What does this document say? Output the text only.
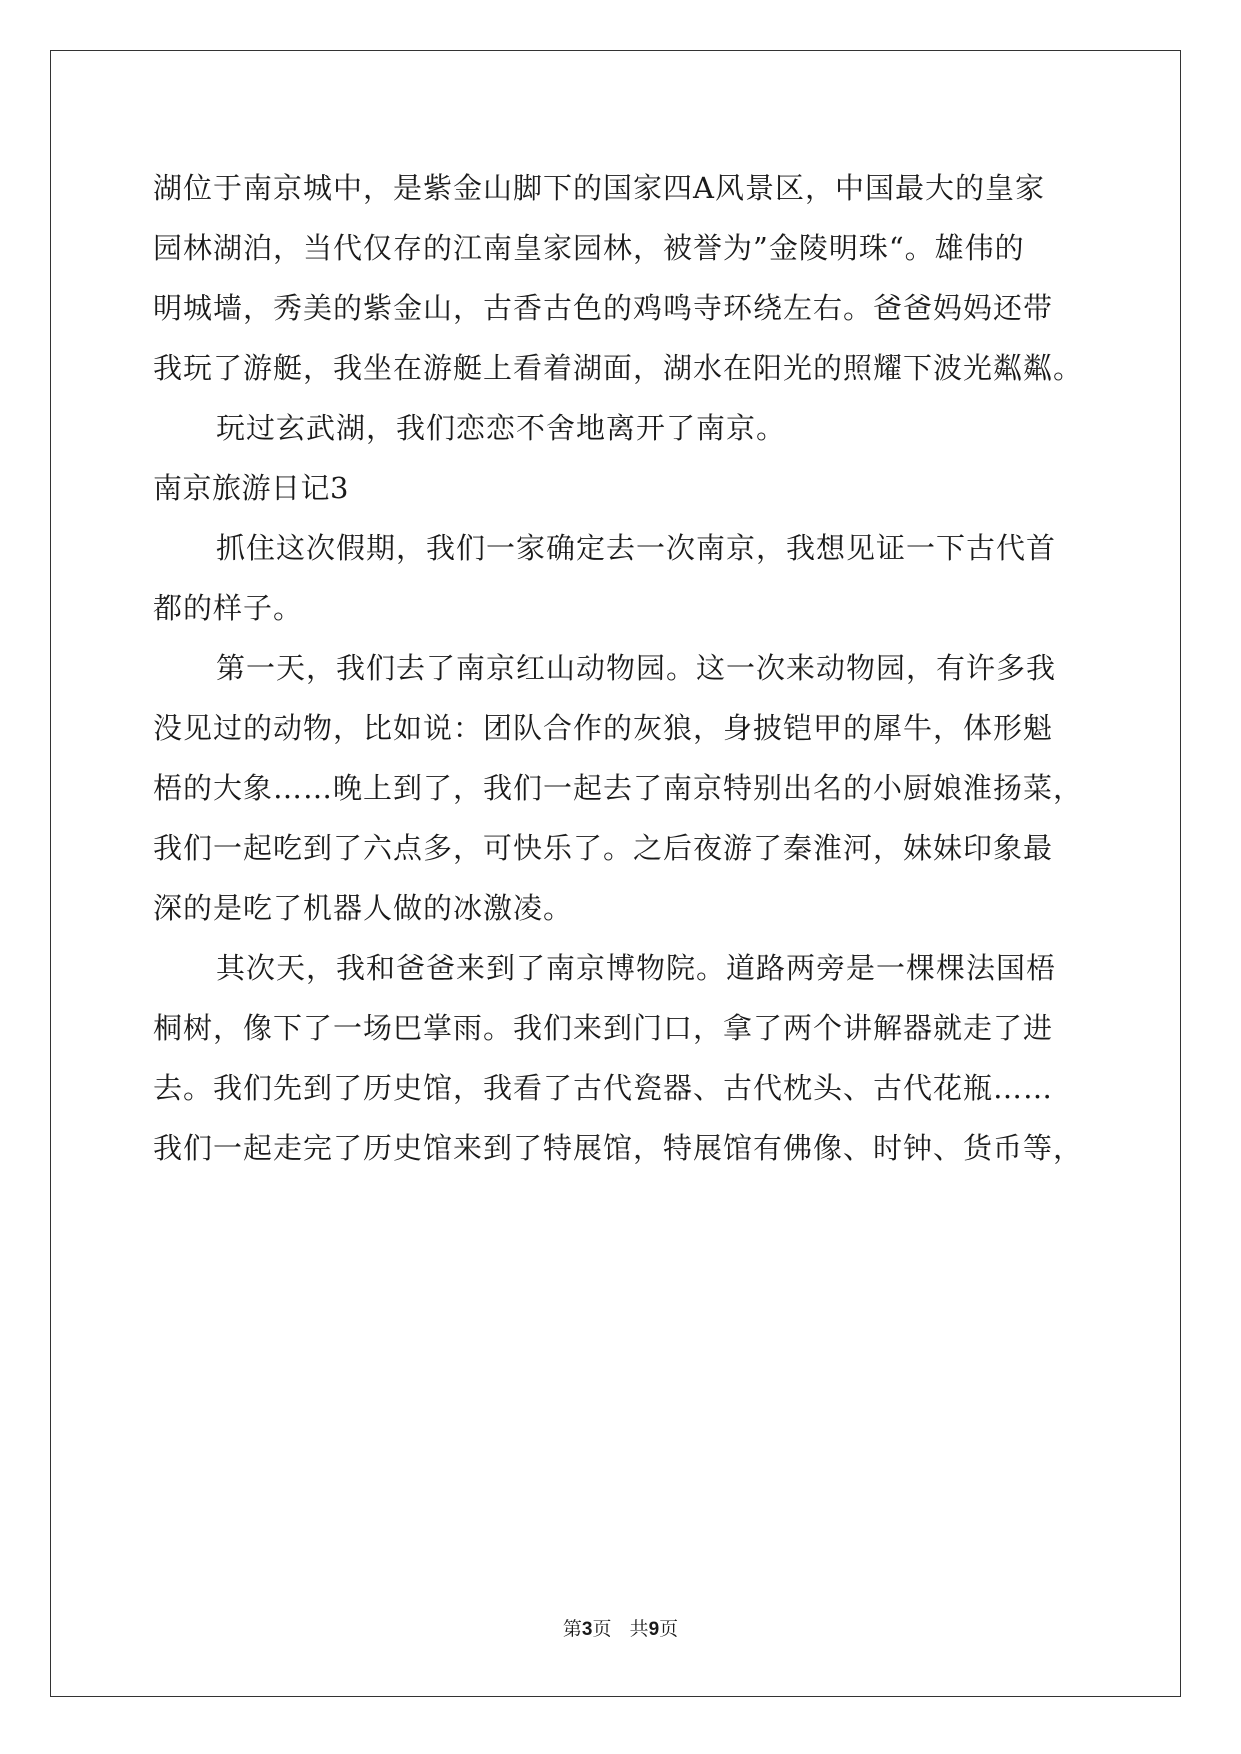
湖位于南京城中，是紫金山脚下的国家四A风景区，中国最大的皇家

园林湖泊，当代仅存的江南皇家园林，被誉为”金陵明珠“。雄伟的

明城墙，秀美的紫金山，古香古色的鸡鸣寺环绕左右。爸爸妈妈还带

我玩了游艇，我坐在游艇上看着湖面，湖水在阳光的照耀下波光粼粼。

玩过玄武湖，我们恋恋不舍地离开了南京。

南京旅游日记3

抓住这次假期，我们一家确定去一次南京，我想见证一下古代首

都的样子。

第一天，我们去了南京红山动物园。这一次来动物园，有许多我

没见过的动物，比如说：团队合作的灰狼，身披铠甲的犀牛，体形魁

梧的大象……晚上到了，我们一起去了南京特别出名的小厨娘淮扬菜，

我们一起吃到了六点多，可快乐了。之后夜游了秦淮河，妹妹印象最

深的是吃了机器人做的冰激凌。

其次天，我和爸爸来到了南京博物院。道路两旁是一棵棵法国梧

桐树，像下了一场巴掌雨。我们来到门口，拿了两个讲解器就走了进

去。我们先到了历史馆，我看了古代瓷器、古代枕头、古代花瓶……

我们一起走完了历史馆来到了特展馆，特展馆有佛像、时钟、货币等，

第3页   共9页
